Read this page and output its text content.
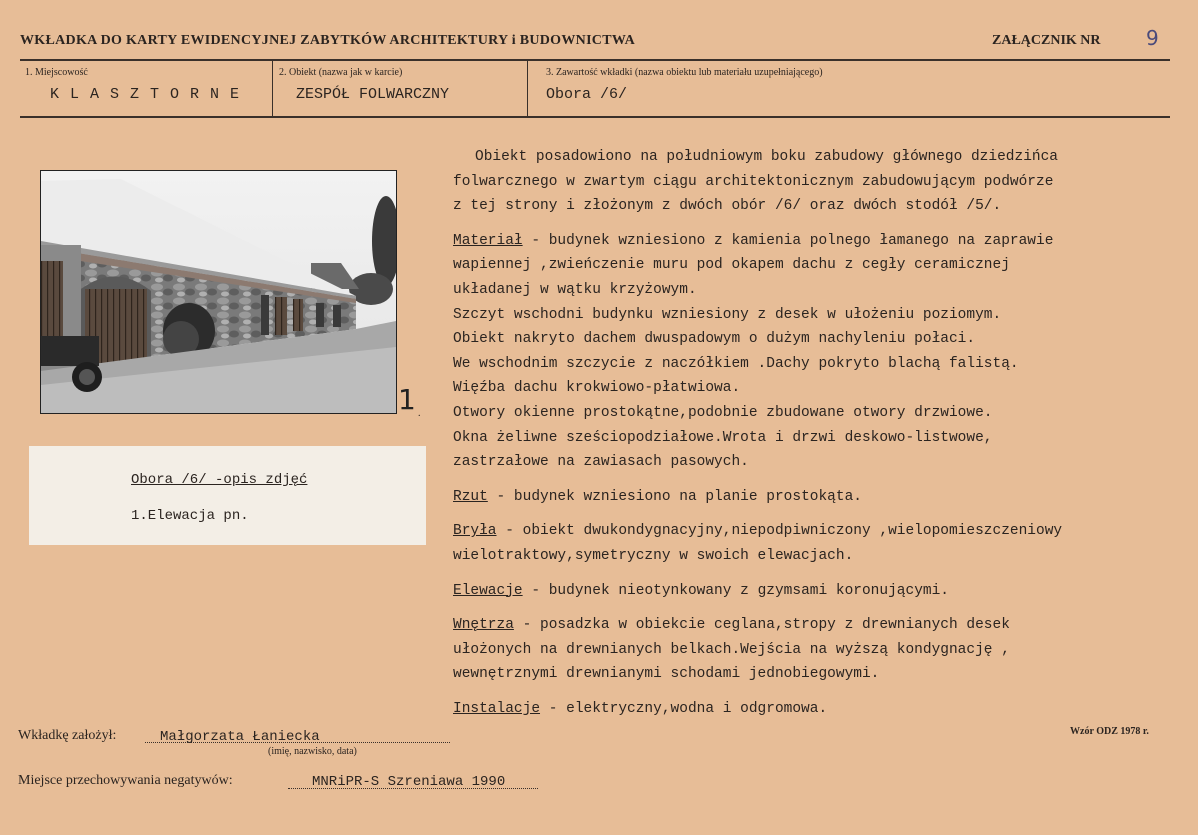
WKŁADKA DO KARTY EWIDENCYJNEJ ZABYTKÓW ARCHITEKTURY i BUDOWNICTWA	ZAŁĄCZNIK NR 9
1. Miejscowość
K L A S Z T O R N E
2. Obiekt (nazwa jak w karcie)
ZESPÓŁ FOLWARCZNY
3. Zawartość wkładki (nazwa obiektu lub materiału uzupełniającego)
Obora /6/
1 .
Obora /6/ -opis zdjęć
1.Elewacja pn.

Obiekt posadowiono na południowym boku zabudowy głównego dziedzińca

folwarcznego w zwartym ciągu architektonicznym zabudowującym podwórze

z tej strony i złożonym z dwóch obór /6/ oraz dwóch stodół /5/.

Materiał - budynek wzniesiono z kamienia polnego łamanego na zaprawie

wapiennej ,zwieńczenie muru pod okapem dachu z cegły ceramicznej

układanej w wątku krzyżowym.

Szczyt wschodni budynku wzniesiony z desek w ułożeniu poziomym.

Obiekt nakryto dachem dwuspadowym o dużym nachyleniu połaci.

We wschodnim szczycie z naczółkiem .Dachy pokryto blachą falistą.

Więźba dachu krokwiowo-płatwiowa.

Otwory okienne prostokątne,podobnie zbudowane otwory drzwiowe.

Okna żeliwne sześciopodziałowe.Wrota i drzwi deskowo-listwowe,

zastrzałowe na zawiasach pasowych.

Rzut - budynek wzniesiono na planie prostokąta.

Bryła - obiekt dwukondygnacyjny,niepodpiwniczony ,wielopomieszczeniowy

wielotraktowy,symetryczny w swoich elewacjach.

Elewacje - budynek nieotynkowany z gzymsami koronującymi.

Wnętrza - posadzka w obiekcie ceglana,stropy z drewnianych desek

ułożonych na drewnianych belkach.Wejścia na wyższą kondygnację ,

wewnętrznymi drewnianymi schodami jednobiegowymi.

Instalacje - elektryczny,wodna i odgromowa.

Wzór ODZ 1978 r.
Wkładkę założył:	Małgorzata Łaniecka
(imię, nazwisko, data)
Miejsce przechowywania negatywów:	MNRiPR-S Szreniawa 1990
